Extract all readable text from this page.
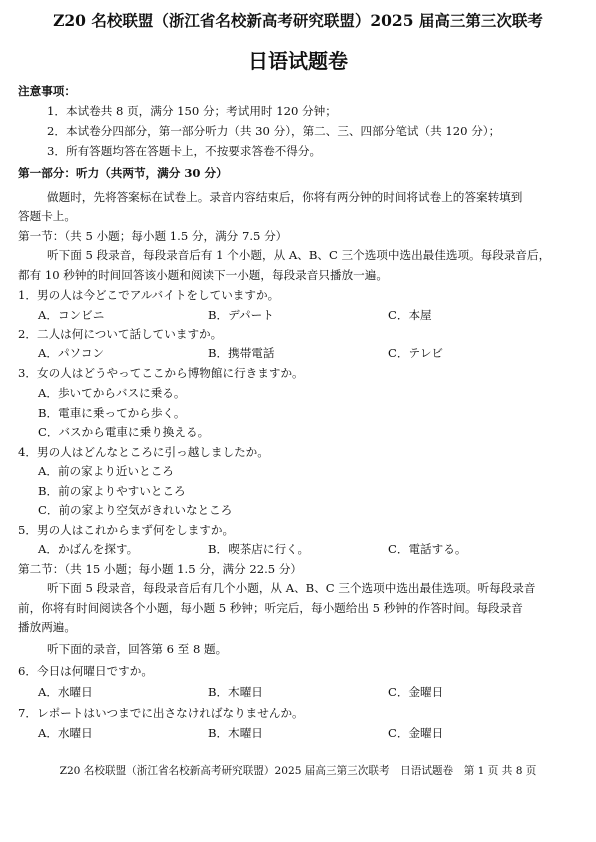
Z20 名校联盟（浙江省名校新高考研究联盟）2025 届高三第三次联考
日语试题卷
注意事项：
1．本试卷共 8 页，满分 150 分；考试用时 120 分钟；
2．本试卷分四部分，第一部分听力（共 30 分），第二、三、四部分笔试（共 120 分）；
3．所有答题均答在答题卡上，不按要求答卷不得分。
第一部分：听力（共两节，满分 30 分）
做题时，先将答案标在试卷上。录音内容结束后，你将有两分钟的时间将试卷上的答案转填到
答题卡上。
第一节：（共 5 小题；每小题 1.5 分，满分 7.5 分）
听下面 5 段录音，每段录音后有 1 个小题，从 A、B、C 三个选项中选出最佳选项。每段录音后，
都有 10 秒钟的时间回答该小题和阅读下一小题，每段录音只播放一遍。
1．男の人は今どこでアルバイトをしていますか。
A．コンビニ	B．デパート	C．本屋
2．二人は何について話していますか。
A．パソコン	B．携帯電話	C．テレビ
3．女の人はどうやってここから博物館に行きますか。
A．歩いてからバスに乗る。
B．電車に乗ってから歩く。
C．バスから電車に乗り換える。
4．男の人はどんなところに引っ越しましたか。
A．前の家より近いところ
B．前の家よりやすいところ
C．前の家より空気がきれいなところ
5．男の人はこれからまず何をしますか。
A．かばんを探す。	B．喫茶店に行く。	C．電話する。
第二节：（共 15 小题；每小题 1.5 分，满分 22.5 分）
听下面 5 段录音，每段录音后有几个小题，从 A、B、C 三个选项中选出最佳选项。听每段录音
前，你将有时间阅读各个小题，每小题 5 秒钟；听完后，每小题给出 5 秒钟的作答时间。每段录音
播放两遍。
听下面的录音，回答第 6 至 8 题。
6．今日は何曜日ですか。
A．水曜日	B．木曜日	C．金曜日
7．レポートはいつまでに出さなければなりませんか。
A．水曜日	B．木曜日	C．金曜日
Z20 名校联盟（浙江省名校新高考研究联盟）2025 届高三第三次联考　日语试题卷　第 1 页 共 8 页
